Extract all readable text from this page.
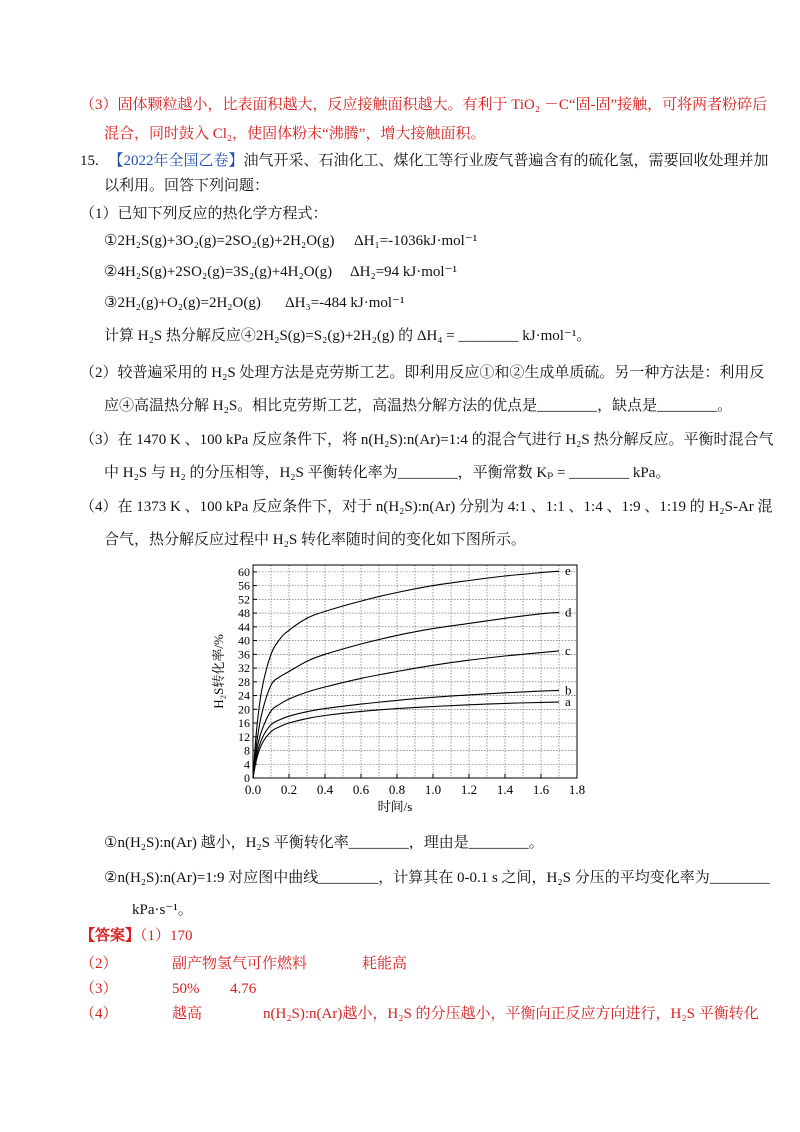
（3）固体颗粒越小，比表面积越大，反应接触面积越大。有利于 TiO₂ －C“固-固”接触，可将两者粉碎后
混合，同时鼓入 Cl₂，使固体粉末“沸腾”，增大接触面积。
15. 【2022年全国乙卷】油气开采、石油化工、煤化工等行业废气普遍含有的硫化氢，需要回收处理并加
以利用。回答下列问题：
（1）已知下列反应的热化学方程式：
①2H₂S(g)+3O₂(g)=2SO₂(g)+2H₂O(g) ΔH₁=-1036kJ·mol⁻¹
②4H₂S(g)+2SO₂(g)=3S₂(g)+4H₂O(g) ΔH₂=94 kJ·mol⁻¹
③2H₂(g)+O₂(g)=2H₂O(g) ΔH₃=-484 kJ·mol⁻¹
计算 H₂S 热分解反应④2H₂S(g)=S₂(g)+2H₂(g) 的 ΔH₄ = ________ kJ·mol⁻¹。
（2）较普遍采用的 H₂S 处理方法是克劳斯工艺。即利用反应①和②生成单质硫。另一种方法是：利用反
应④高温热分解 H₂S。相比克劳斯工艺，高温热分解方法的优点是________，缺点是________。
（3）在 1470 K 、100 kPa 反应条件下，将 n(H₂S):n(Ar)=1:4 的混合气进行 H₂S 热分解反应。平衡时混合气
中 H₂S 与 H₂ 的分压相等，H₂S 平衡转化率为________，平衡常数 Kₚ = ________ kPa。
（4）在 1373 K 、100 kPa 反应条件下，对于 n(H₂S):n(Ar) 分别为 4:1 、1:1 、1:4 、1:9 、1:19 的 H₂S-Ar 混
合气，热分解反应过程中 H₂S 转化率随时间的变化如下图所示。
0.0 0.2 0.4 0.6 0.8 1.0 1.2 1.4 1.6 1.8
0
4
8
12
16
20
24
28
32
36
40
44
48
52
56
60
时间/s
H₂S转化率/%
e
d
c
b
a
①n(H₂S):n(Ar) 越小，H₂S 平衡转化率________，理由是________。
②n(H₂S):n(Ar)=1:9 对应图中曲线________，计算其在 0-0.1 s 之间，H₂S 分压的平均变化率为________
kPa·s⁻¹。
【答案】（1）170
（2）	副产物氢气可作燃料	耗能高
（3）	50% 4.76
（4）	越高	n(H₂S):n(Ar)越小，H₂S 的分压越小，平衡向正反应方向进行，H₂S 平衡转化
